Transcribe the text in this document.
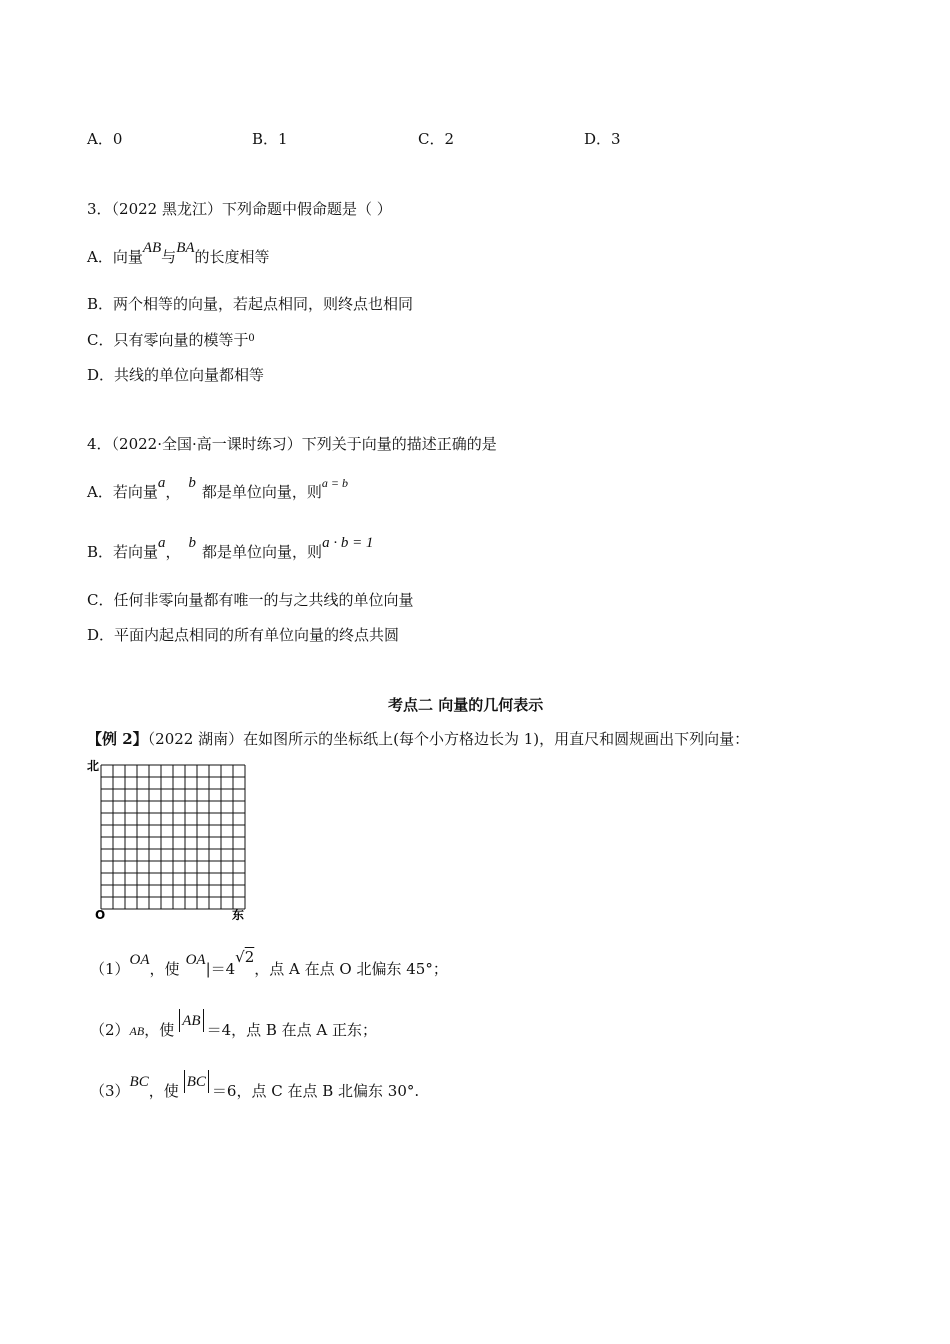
A．0	B．1	C．2	D．3
3．（2022 黑龙江）下列命题中假命题是（ ）
A．向量AB与BA的长度相等
B．两个相等的向量，若起点相同，则终点也相同
C．只有零向量的模等于$^0$
D．共线的单位向量都相等
4．（2022·全国·高一课时练习）下列关于向量的描述正确的是
A．若向量a， b 都是单位向量，则$^{a = b}$
B．若向量a， b 都是单位向量，则a · b = 1
C．任何非零向量都有唯一的与之共线的单位向量
D．平面内起点相同的所有单位向量的终点共圆
考点二 向量的几何表示
【例 2】（2022 湖南）在如图所示的坐标纸上(每个小方格边长为 1)，用直尺和圆规画出下列向量：
北
O	东
（1）OA，使 OA|＝4√2，点 A 在点 O 北偏东 45°；
（2）AB，使 AB ＝4，点 B 在点 A 正东；
（3）BC，使 BC ＝6，点 C 在点 B 北偏东 30°.
